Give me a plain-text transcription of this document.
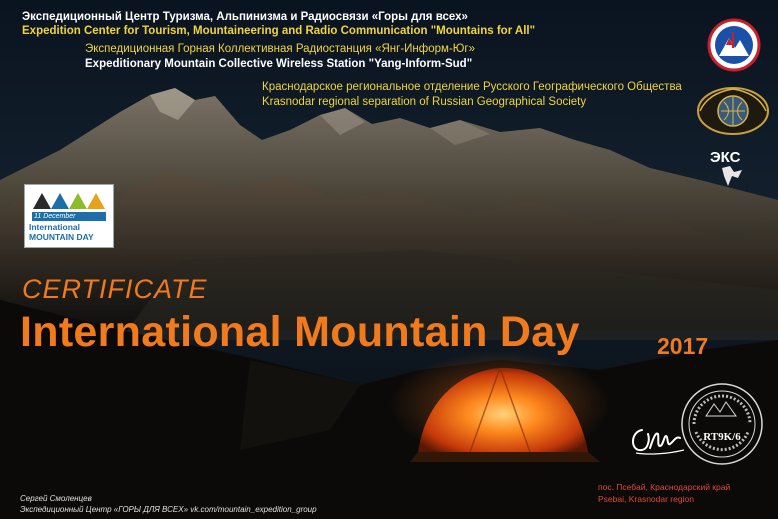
Экспедиционный Центр Туризма, Альпинизма и Радиосвязи «Горы для всех»
Expedition Center for Tourism, Mountaineering and Radio Communication "Mountains for All"
Экспедиционная Горная Коллективная Радиостанция «Янг-Информ-Юг»
Expeditionary Mountain Collective Wireless Station "Yang-Inform-Sud"
Краснодарское региональное отделение Русского Географического Общества
Krasnodar regional separation of Russian Geographical Society
ЭКС
11 December
International
MOUNTAIN DAY
CERTIFICATE
International Mountain Day	2017
RT9K/6
Сергей Смоленцев
Экспедиционный Центр «ГОРЫ ДЛЯ ВСЕХ» vk.com/mountain_expedition_group
пос. Псебай, Краснодарский край
Psebai, Krasnodar region
